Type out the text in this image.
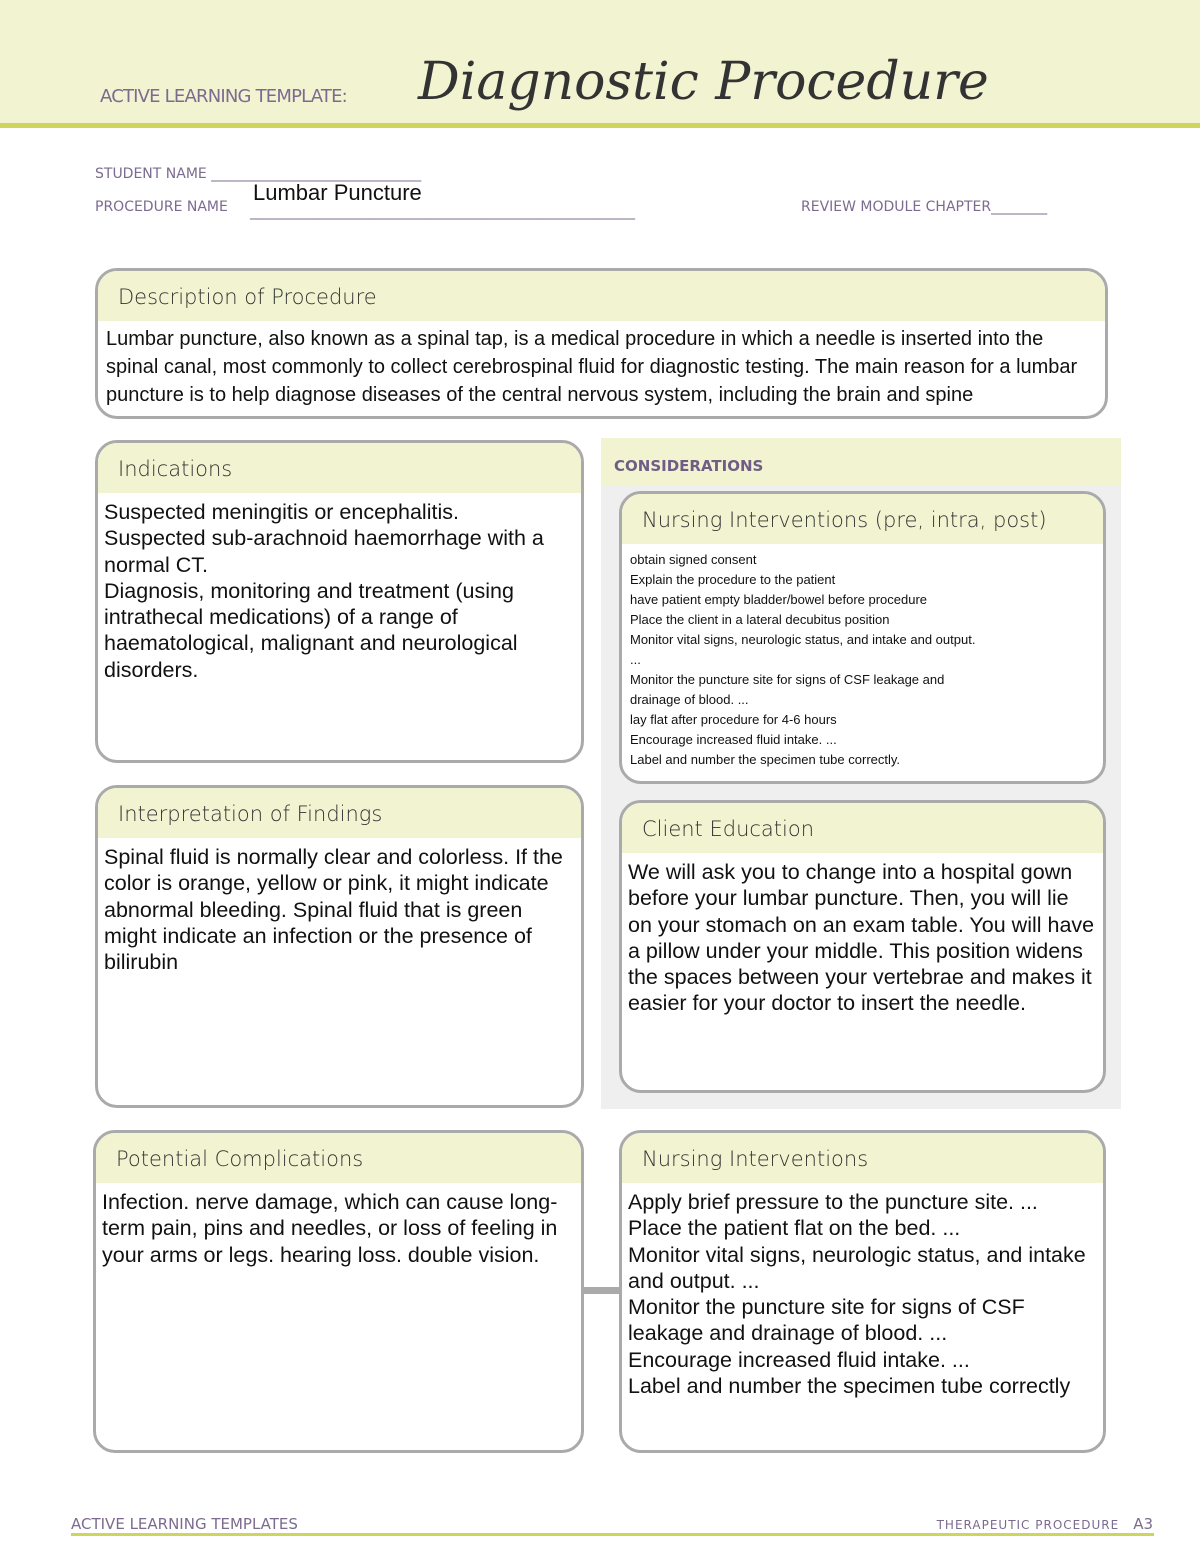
ACTIVE LEARNING TEMPLATE: Diagnostic Procedure
STUDENT NAME ______________________________
PROCEDURE NAME _______________________________________________________
Lumbar Puncture
REVIEW MODULE CHAPTER________
Description of Procedure
Lumbar puncture, also known as a spinal tap, is a medical procedure in which a needle is inserted into the spinal canal, most commonly to collect cerebrospinal fluid for diagnostic testing. The main reason for a lumbar puncture is to help diagnose diseases of the central nervous system, including the brain and spine
Indications
Suspected meningitis or encephalitis.
Suspected sub-arachnoid haemorrhage with a normal CT.
Diagnosis, monitoring and treatment (using intrathecal medications) of a range of haematological, malignant and neurological disorders.
Interpretation of Findings
Spinal fluid is normally clear and colorless. If the color is orange, yellow or pink, it might indicate abnormal bleeding. Spinal fluid that is green might indicate an infection or the presence of bilirubin
CONSIDERATIONS
Nursing Interventions (pre, intra, post)
obtain signed consent
Explain the procedure to the patient
have patient empty bladder/bowel before procedure
Place the client in a lateral decubitus position
Monitor vital signs, neurologic status, and intake and output. ...
Monitor the puncture site for signs of CSF leakage and drainage of blood. ...
lay flat after procedure for 4-6 hours
Encourage increased fluid intake. ...
Label and number the specimen tube correctly.
Client Education
We will ask you to change into a hospital gown before your lumbar puncture. Then, you will lie on your stomach on an exam table. You will have a pillow under your middle. This position widens the spaces between your vertebrae and makes it easier for your doctor to insert the needle.
Potential Complications
Infection. nerve damage, which can cause long-term pain, pins and needles, or loss of feeling in your arms or legs. hearing loss. double vision.
Nursing Interventions
Apply brief pressure to the puncture site. ...
Place the patient flat on the bed. ...
Monitor vital signs, neurologic status, and intake and output. ...
Monitor the puncture site for signs of CSF leakage and drainage of blood. ...
Encourage increased fluid intake. ...
Label and number the specimen tube correctly
ACTIVE LEARNING TEMPLATES	THERAPEUTIC PROCEDURE A3
